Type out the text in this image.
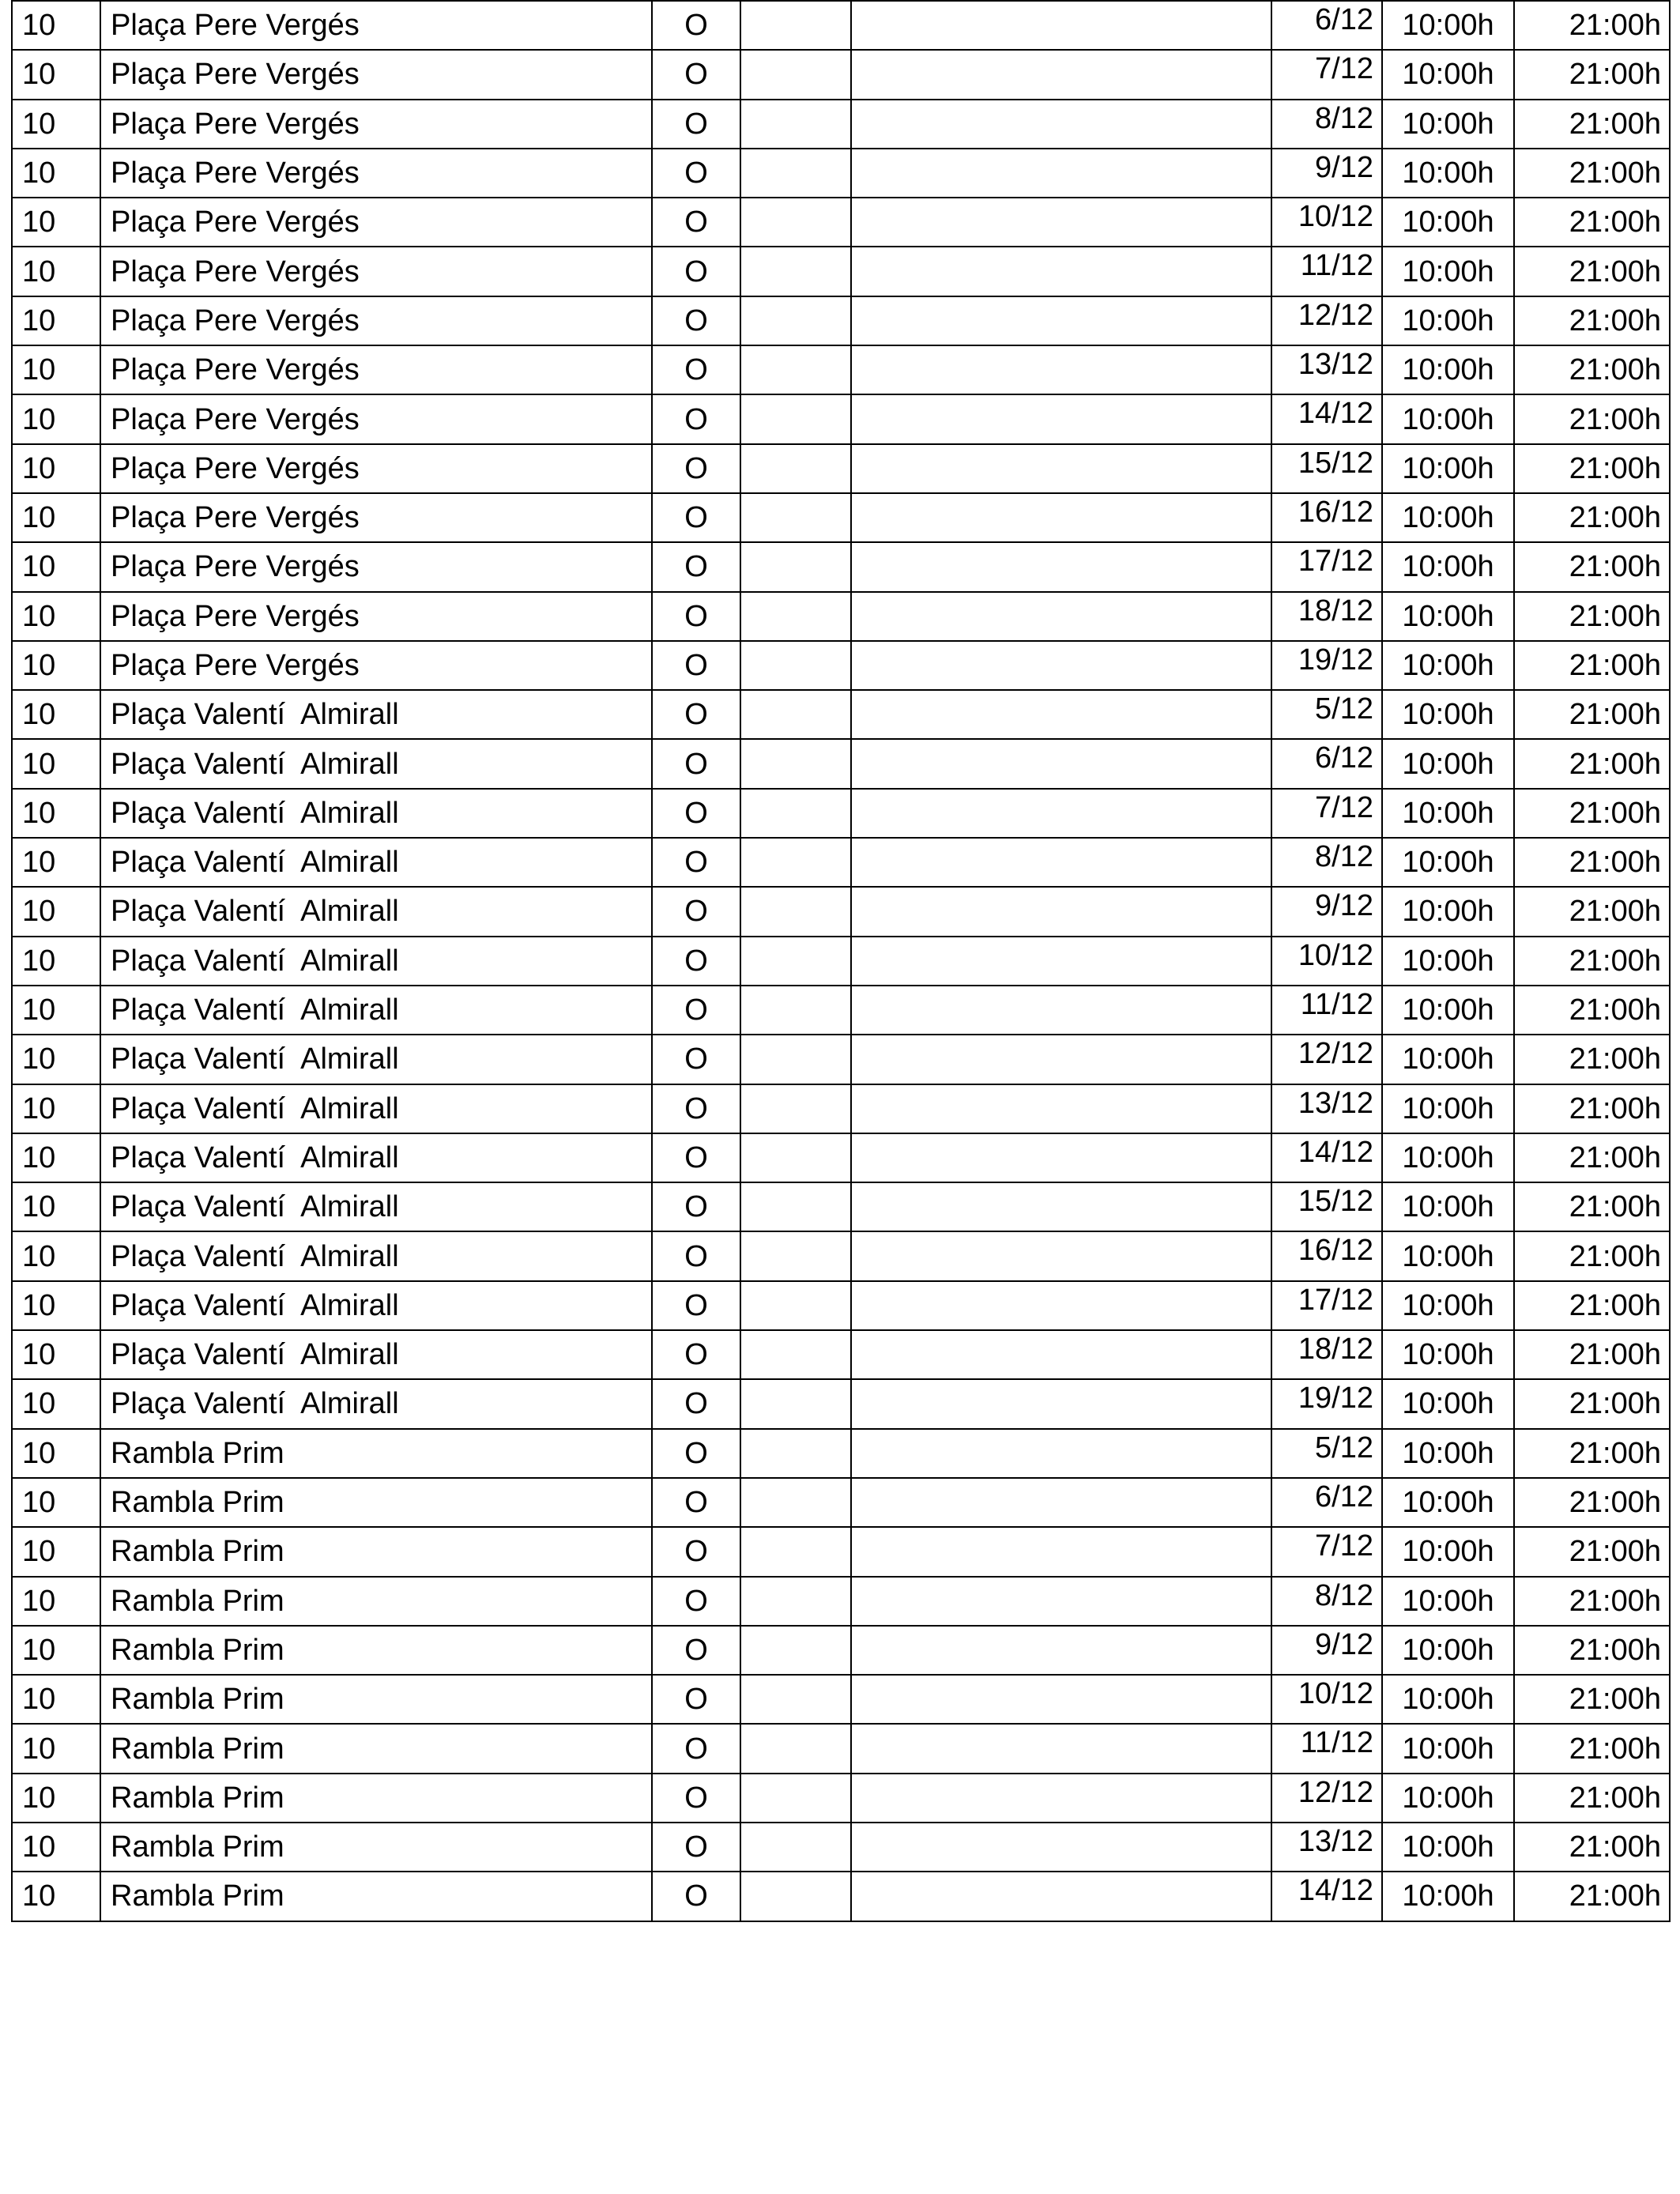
10	Plaça Pere Vergés	O			6/12	10:00h	21:00h
10	Plaça Pere Vergés	O			7/12	10:00h	21:00h
10	Plaça Pere Vergés	O			8/12	10:00h	21:00h
10	Plaça Pere Vergés	O			9/12	10:00h	21:00h
10	Plaça Pere Vergés	O			10/12	10:00h	21:00h
10	Plaça Pere Vergés	O			11/12	10:00h	21:00h
10	Plaça Pere Vergés	O			12/12	10:00h	21:00h
10	Plaça Pere Vergés	O			13/12	10:00h	21:00h
10	Plaça Pere Vergés	O			14/12	10:00h	21:00h
10	Plaça Pere Vergés	O			15/12	10:00h	21:00h
10	Plaça Pere Vergés	O			16/12	10:00h	21:00h
10	Plaça Pere Vergés	O			17/12	10:00h	21:00h
10	Plaça Pere Vergés	O			18/12	10:00h	21:00h
10	Plaça Pere Vergés	O			19/12	10:00h	21:00h
10	Plaça Valentí  Almirall	O			5/12	10:00h	21:00h
10	Plaça Valentí  Almirall	O			6/12	10:00h	21:00h
10	Plaça Valentí  Almirall	O			7/12	10:00h	21:00h
10	Plaça Valentí  Almirall	O			8/12	10:00h	21:00h
10	Plaça Valentí  Almirall	O			9/12	10:00h	21:00h
10	Plaça Valentí  Almirall	O			10/12	10:00h	21:00h
10	Plaça Valentí  Almirall	O			11/12	10:00h	21:00h
10	Plaça Valentí  Almirall	O			12/12	10:00h	21:00h
10	Plaça Valentí  Almirall	O			13/12	10:00h	21:00h
10	Plaça Valentí  Almirall	O			14/12	10:00h	21:00h
10	Plaça Valentí  Almirall	O			15/12	10:00h	21:00h
10	Plaça Valentí  Almirall	O			16/12	10:00h	21:00h
10	Plaça Valentí  Almirall	O			17/12	10:00h	21:00h
10	Plaça Valentí  Almirall	O			18/12	10:00h	21:00h
10	Plaça Valentí  Almirall	O			19/12	10:00h	21:00h
10	Rambla Prim	O			5/12	10:00h	21:00h
10	Rambla Prim	O			6/12	10:00h	21:00h
10	Rambla Prim	O			7/12	10:00h	21:00h
10	Rambla Prim	O			8/12	10:00h	21:00h
10	Rambla Prim	O			9/12	10:00h	21:00h
10	Rambla Prim	O			10/12	10:00h	21:00h
10	Rambla Prim	O			11/12	10:00h	21:00h
10	Rambla Prim	O			12/12	10:00h	21:00h
10	Rambla Prim	O			13/12	10:00h	21:00h
10	Rambla Prim	O			14/12	10:00h	21:00h
